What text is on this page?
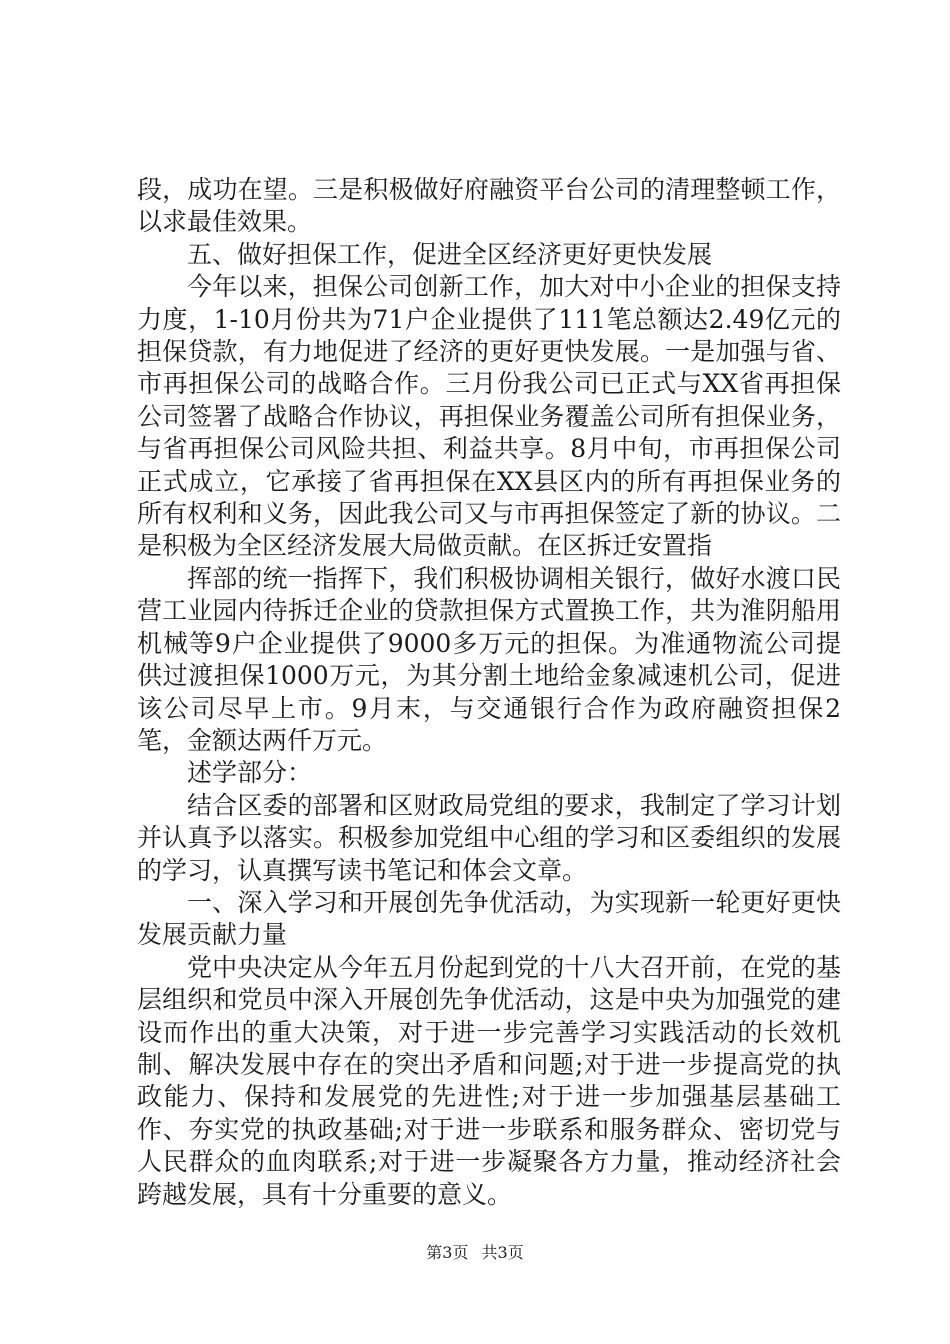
段，成功在望。三是积极做好府融资平台公司的清理整顿工作，以求最佳效果。

五、做好担保工作，促进全区经济更好更快发展

今年以来，担保公司创新工作，加大对中小企业的担保支持力度，1-10月份共为71户企业提供了111笔总额达2.49亿元的担保贷款，有力地促进了经济的更好更快发展。一是加强与省、市再担保公司的战略合作。三月份我公司已正式与XX省再担保公司签署了战略合作协议，再担保业务覆盖公司所有担保业务，与省再担保公司风险共担、利益共享。8月中旬，市再担保公司正式成立，它承接了省再担保在XX县区内的所有再担保业务的所有权利和义务，因此我公司又与市再担保签定了新的协议。二是积极为全区经济发展大局做贡献。在区拆迁安置指

挥部的统一指挥下，我们积极协调相关银行，做好水渡口民营工业园内待拆迁企业的贷款担保方式置换工作，共为淮阴船用机械等9户企业提供了9000多万元的担保。为准通物流公司提供过渡担保1000万元，为其分割土地给金象减速机公司，促进该公司尽早上市。9月末，与交通银行合作为政府融资担保2笔，金额达两仟万元。

述学部分：

结合区委的部署和区财政局党组的要求，我制定了学习计划并认真予以落实。积极参加党组中心组的学习和区委组织的发展的学习，认真撰写读书笔记和体会文章。

一、深入学习和开展创先争优活动，为实现新一轮更好更快发展贡献力量

党中央决定从今年五月份起到党的十八大召开前，在党的基层组织和党员中深入开展创先争优活动，这是中央为加强党的建设而作出的重大决策，对于进一步完善学习实践活动的长效机制、解决发展中存在的突出矛盾和问题;对于进一步提高党的执政能力、保持和发展党的先进性;对于进一步加强基层基础工作、夯实党的执政基础;对于进一步联系和服务群众、密切党与人民群众的血肉联系;对于进一步凝聚各方力量，推动经济社会跨越发展，具有十分重要的意义。

第3页 共3页
